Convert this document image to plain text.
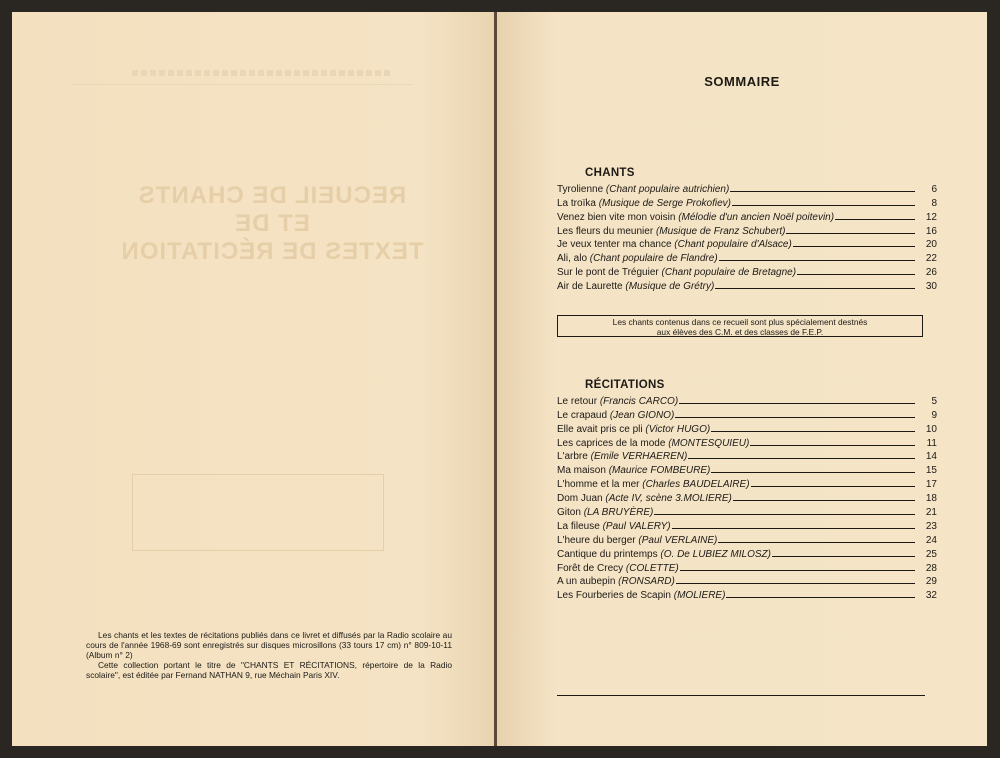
RECUEIL DE CHANTS
ET DE
TEXTES DE RÉCITATION

Les chants et les textes de récitations publiés dans ce livret et diffusés par la Radio scolaire au cours de l'année 1968-69 sont enregistrés sur disques microsillons (33 tours 17 cm) n° 809-10-11 (Album n° 2)

Cette collection portant le titre de "CHANTS ET RÉCITATIONS, répertoire de la Radio scolaire", est éditée par Fernand NATHAN 9, rue Méchain Paris XIV.

SOMMAIRE
CHANTS
Tyrolienne (Chant populaire autrichien)	6
La troïka (Musique de Serge Prokofiev)	8
Venez bien vite mon voisin (Mélodie d'un ancien Noël poitevin)	12
Les fleurs du meunier (Musique de Franz Schubert)	16
Je veux tenter ma chance (Chant populaire d'Alsace)	20
Ali, alo (Chant populaire de Flandre)	22
Sur le pont de Tréguier (Chant populaire de Bretagne)	26
Air de Laurette (Musique de Grétry)	30
Les chants contenus dans ce recueil sont plus spécialement destnés
aux élèves des C.M. et des classes de F.E.P.
RÉCITATIONS
Le retour (Francis CARCO)	5
Le crapaud (Jean GIONO)	9
Elle avait pris ce pli (Victor HUGO)	10
Les caprices de la mode (MONTESQUIEU)	11
L'arbre (Emile VERHAEREN)	14
Ma maison (Maurice FOMBEURE)	15
L'homme et la mer (Charles BAUDELAIRE)	17
Dom Juan (Acte IV, scène 3.MOLIERE)	18
Giton (LA BRUYÈRE)	21
La fileuse (Paul VALERY)	23
L'heure du berger (Paul VERLAINE)	24
Cantique du printemps (O. De LUBIEZ MILOSZ)	25
Forêt de Crecy (COLETTE)	28
A un aubepin (RONSARD)	29
Les Fourberies de Scapin (MOLIERE)	32
